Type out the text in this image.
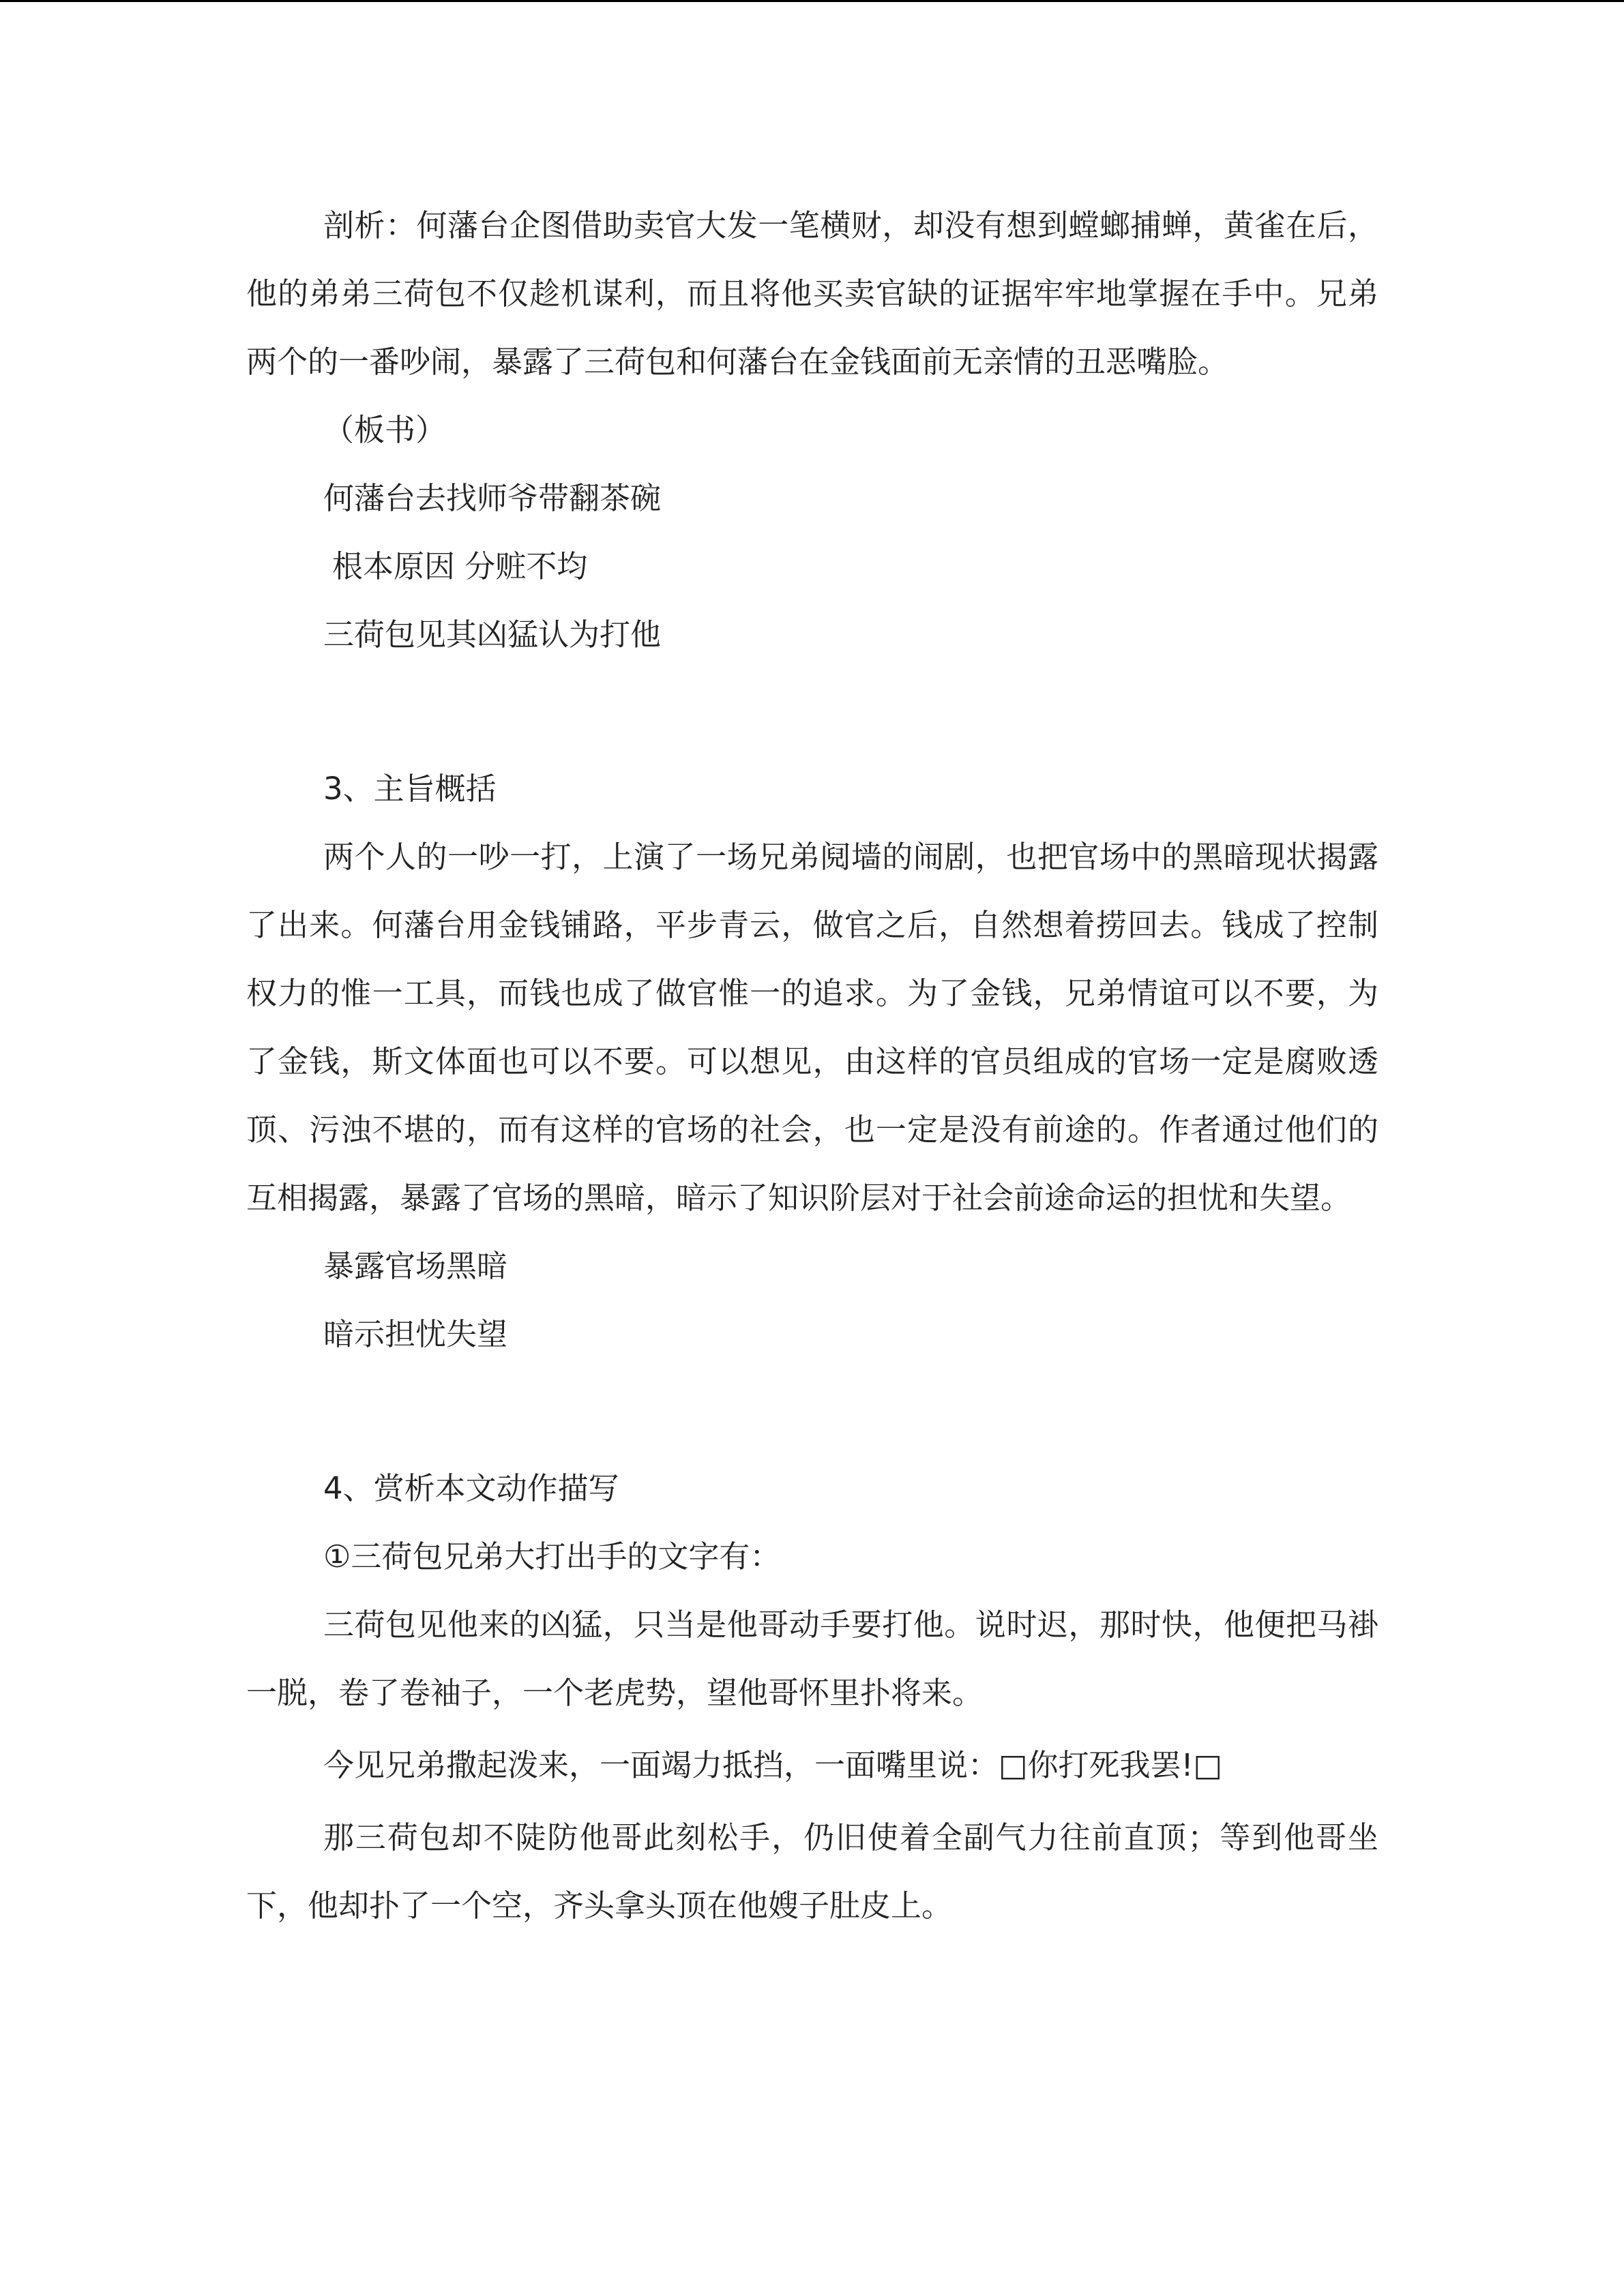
剖析：何藩台企图借助卖官大发一笔横财，却没有想到螳螂捕蝉，黄雀在后，他的弟弟三荷包不仅趁机谋利，而且将他买卖官缺的证据牢牢地掌握在手中。兄弟两个的一番吵闹，暴露了三荷包和何藩台在金钱面前无亲情的丑恶嘴脸。

（板书）

何藩台去找师爷带翻茶碗

根本原因 分赃不均

三荷包见其凶猛认为打他

3、主旨概括

两个人的一吵一打，上演了一场兄弟阋墙的闹剧，也把官场中的黑暗现状揭露了出来。何藩台用金钱铺路，平步青云，做官之后，自然想着捞回去。钱成了控制权力的惟一工具，而钱也成了做官惟一的追求。为了金钱，兄弟情谊可以不要，为了金钱，斯文体面也可以不要。可以想见，由这样的官员组成的官场一定是腐败透顶、污浊不堪的，而有这样的官场的社会，也一定是没有前途的。作者通过他们的互相揭露，暴露了官场的黑暗，暗示了知识阶层对于社会前途命运的担忧和失望。

暴露官场黑暗

暗示担忧失望

4、赏析本文动作描写

①三荷包兄弟大打出手的文字有：

三荷包见他来的凶猛，只当是他哥动手要打他。说时迟，那时快，他便把马褂一脱，卷了卷袖子，一个老虎势，望他哥怀里扑将来。

今见兄弟撒起泼来，一面竭力抵挡，一面嘴里说：□你打死我罢!□

那三荷包却不陡防他哥此刻松手，仍旧使着全副气力往前直顶；等到他哥坐下，他却扑了一个空，齐头拿头顶在他嫂子肚皮上。
